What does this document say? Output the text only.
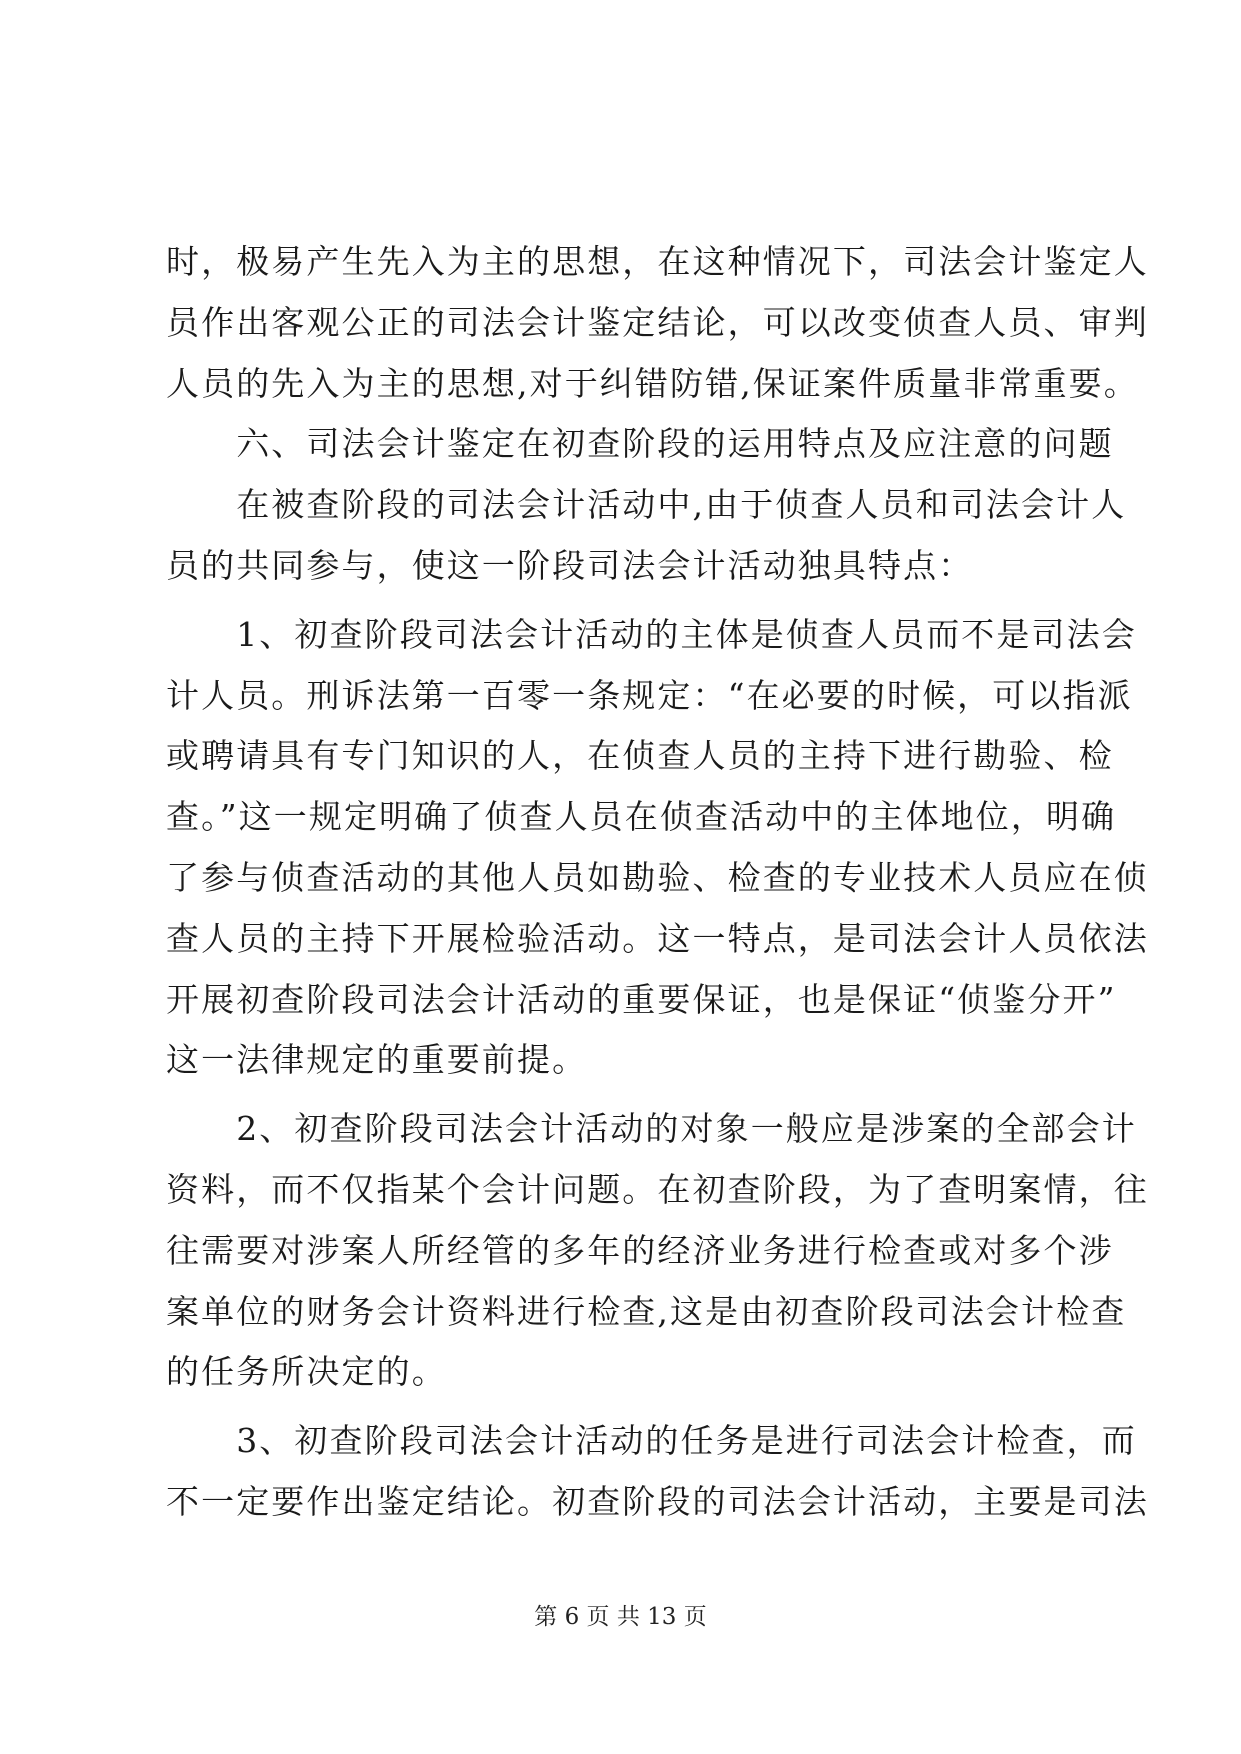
时，极易产生先入为主的思想，在这种情况下，司法会计鉴定人
员作出客观公正的司法会计鉴定结论，可以改变侦查人员、审判
人员的先入为主的思想,对于纠错防错,保证案件质量非常重要。
　　六、司法会计鉴定在初查阶段的运用特点及应注意的问题
　　在被查阶段的司法会计活动中,由于侦查人员和司法会计人
员的共同参与，使这一阶段司法会计活动独具特点：
　　1、初查阶段司法会计活动的主体是侦查人员而不是司法会
计人员。刑诉法第一百零一条规定：“在必要的时候，可以指派
或聘请具有专门知识的人，在侦查人员的主持下进行勘验、检
查。”这一规定明确了侦查人员在侦查活动中的主体地位，明确
了参与侦查活动的其他人员如勘验、检查的专业技术人员应在侦
查人员的主持下开展检验活动。这一特点，是司法会计人员依法
开展初查阶段司法会计活动的重要保证，也是保证“侦鉴分开”
这一法律规定的重要前提。
　　2、初查阶段司法会计活动的对象一般应是涉案的全部会计
资料，而不仅指某个会计问题。在初查阶段，为了查明案情，往
往需要对涉案人所经管的多年的经济业务进行检查或对多个涉
案单位的财务会计资料进行检查,这是由初查阶段司法会计检查
的任务所决定的。
　　3、初查阶段司法会计活动的任务是进行司法会计检查，而
不一定要作出鉴定结论。初查阶段的司法会计活动，主要是司法
第 6 页 共 13 页
